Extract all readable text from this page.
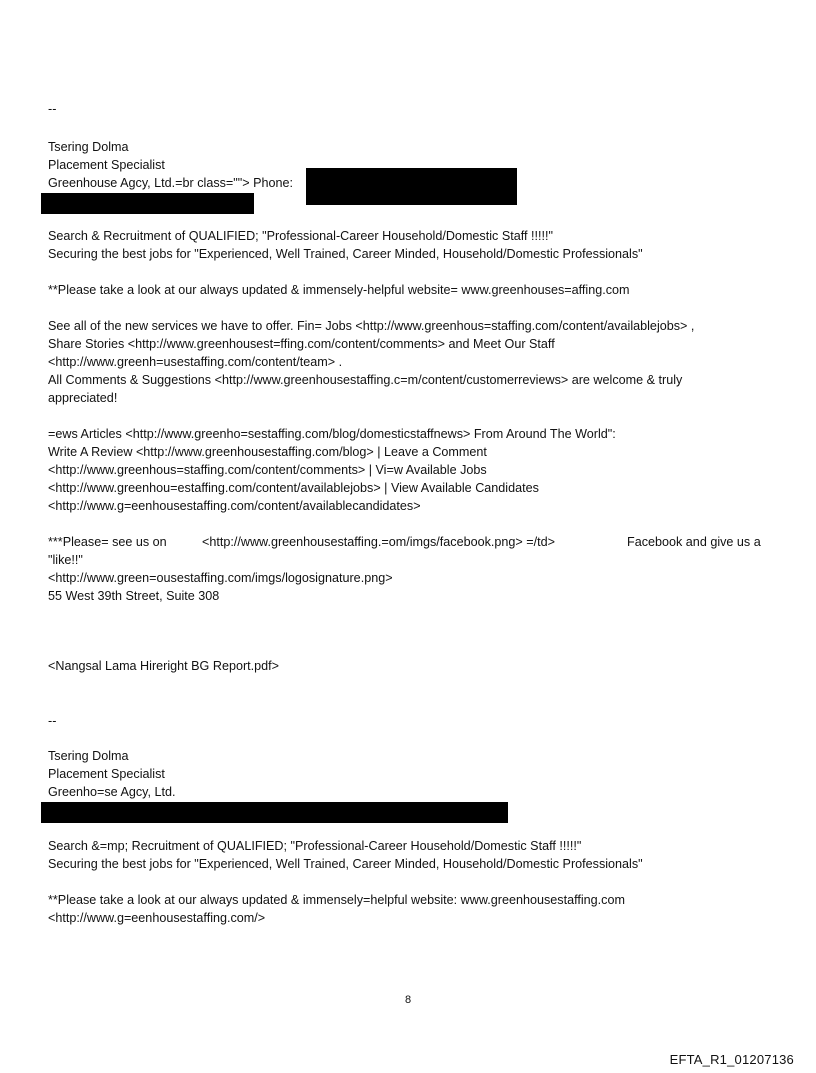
--
Tsering Dolma
Placement Specialist
Greenhouse Agcy, Ltd.=br class=""> Phone:
Search & Recruitment of QUALIFIED; "Professional-Career Household/Domestic Staff !!!!!"
Securing the best jobs for "Experienced, Well Trained, Career Minded, Household/Domestic Professionals"
**Please take a look at our always updated & immensely-helpful website= www.greenhouses=affing.com
See all of the new services we have to offer. Fin= Jobs <http://www.greenhous=staffing.com/content/availablejobs> ,
Share Stories <http://www.greenhousest=ffing.com/content/comments> and Meet Our Staff
<http://www.greenh=usestaffing.com/content/team> .
All Comments & Suggestions <http://www.greenhousestaffing.c=m/content/customerreviews> are welcome & truly
appreciated!
=ews Articles <http://www.greenho=sestaffing.com/blog/domesticstaffnews> From Around The World":
Write A Review <http://www.greenhousestaffing.com/blog> | Leave a Comment
<http://www.greenhous=staffing.com/content/comments> | Vi=w Available Jobs
<http://www.greenhou=estaffing.com/content/availablejobs> | View Available Candidates
<http://www.g=eenhousestaffing.com/content/availablecandidates>
***Please= see us on	<http://www.greenhousestaffing.=om/imgs/facebook.png> =/td>	Facebook and give us a
"like!!"
<http://www.green=ousestaffing.com/imgs/logosignature.png>
55 West 39th Street, Suite 308
<Nangsal Lama Hireright BG Report.pdf>
--
Tsering Dolma
Placement Specialist
Greenho=se Agcy, Ltd.
Search &=mp; Recruitment of QUALIFIED; "Professional-Career Household/Domestic Staff !!!!!"
Securing the best jobs for "Experienced, Well Trained, Career Minded, Household/Domestic Professionals"
**Please take a look at our always updated & immensely=helpful website: www.greenhousestaffing.com
<http://www.g=eenhousestaffing.com/>
8
EFTA_R1_01207136
